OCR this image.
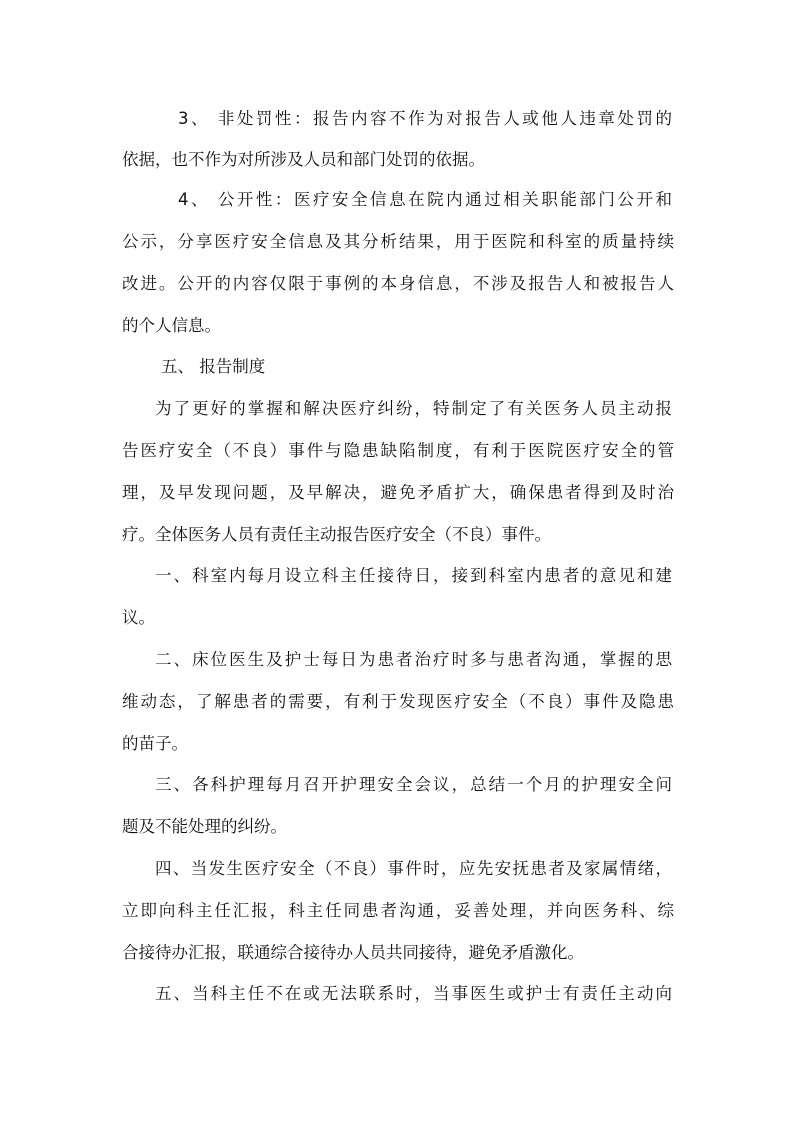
3、 非处罚性：报告内容不作为对报告人或他人违章处罚的
依据，也不作为对所涉及人员和部门处罚的依据。
4、 公开性：医疗安全信息在院内通过相关职能部门公开和
公示，分享医疗安全信息及其分析结果，用于医院和科室的质量持续
改进。公开的内容仅限于事例的本身信息，不涉及报告人和被报告人
的个人信息。
五、 报告制度
为了更好的掌握和解决医疗纠纷，特制定了有关医务人员主动报
告医疗安全（不良）事件与隐患缺陷制度，有利于医院医疗安全的管
理，及早发现问题，及早解决，避免矛盾扩大，确保患者得到及时治
疗。全体医务人员有责任主动报告医疗安全（不良）事件。
一、科室内每月设立科主任接待日，接到科室内患者的意见和建
议。
二、床位医生及护士每日为患者治疗时多与患者沟通，掌握的思
维动态，了解患者的需要，有利于发现医疗安全（不良）事件及隐患
的苗子。
三、各科护理每月召开护理安全会议，总结一个月的护理安全问
题及不能处理的纠纷。
四、当发生医疗安全（不良）事件时，应先安抚患者及家属情绪，
立即向科主任汇报，科主任同患者沟通，妥善处理，并向医务科、综
合接待办汇报，联通综合接待办人员共同接待，避免矛盾激化。
五、当科主任不在或无法联系时，当事医生或护士有责任主动向
